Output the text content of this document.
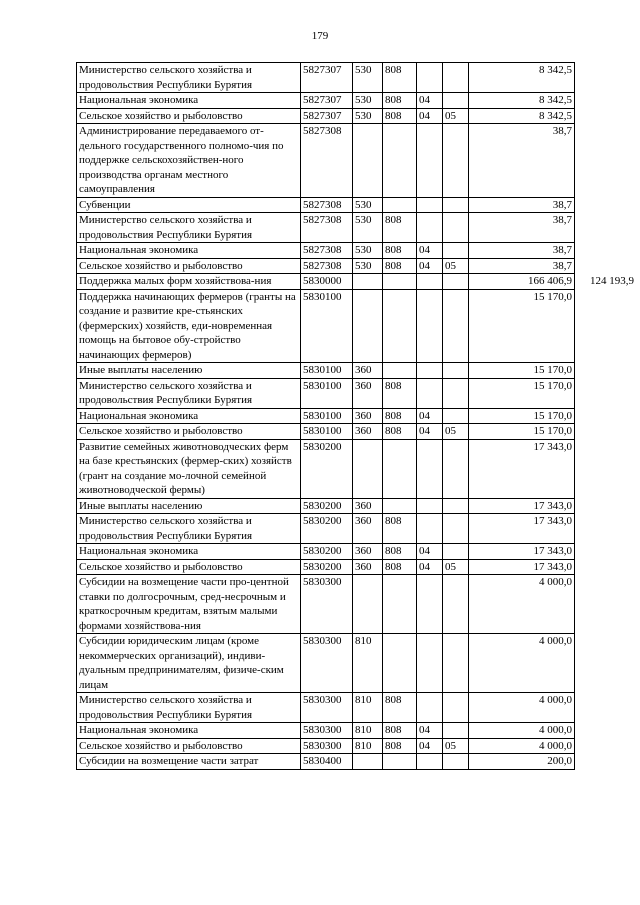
179
Министерство сельского хозяйства и продовольствия Республики Бурятия	5827307	530	808			8 342,5	
Национальная экономика	5827307	530	808	04		8 342,5	
Сельское хозяйство и рыболовство	5827307	530	808	04	05	8 342,5	
Администрирование передаваемого от-дельного государственного полномо-чия по поддержке сельскохозяйствен-ного производства органам местного самоуправления	5827308					38,7	
Субвенции	5827308	530				38,7	
Министерство сельского хозяйства и продовольствия Республики Бурятия	5827308	530	808			38,7	
Национальная экономика	5827308	530	808	04		38,7	
Сельское хозяйство и рыболовство	5827308	530	808	04	05	38,7	
Поддержка малых форм хозяйствова-ния	5830000					166 406,9	124 193,9
Поддержка начинающих фермеров (гранты на создание и развитие кре-стьянских (фермерских) хозяйств, еди-новременная помощь на бытовое обу-стройство начинающих фермеров)	5830100					15 170,0	
Иные выплаты населению	5830100	360				15 170,0	
Министерство сельского хозяйства и продовольствия Республики Бурятия	5830100	360	808			15 170,0	
Национальная экономика	5830100	360	808	04		15 170,0	
Сельское хозяйство и рыболовство	5830100	360	808	04	05	15 170,0	
Развитие семейных животноводческих ферм на базе крестьянских (фермер-ских) хозяйств (грант на создание мо-лочной семейной животноводческой фермы)	5830200					17 343,0	
Иные выплаты населению	5830200	360				17 343,0	
Министерство сельского хозяйства и продовольствия Республики Бурятия	5830200	360	808			17 343,0	
Национальная экономика	5830200	360	808	04		17 343,0	
Сельское хозяйство и рыболовство	5830200	360	808	04	05	17 343,0	
Субсидии на возмещение части про-центной ставки по долгосрочным, сред-несрочным и краткосрочным кредитам, взятым малыми формами хозяйствова-ния	5830300					4 000,0	
Субсидии юридическим лицам (кроме некоммерческих организаций), индиви-дуальным предпринимателям, физиче-ским лицам	5830300	810				4 000,0	
Министерство сельского хозяйства и продовольствия Республики Бурятия	5830300	810	808			4 000,0	
Национальная экономика	5830300	810	808	04		4 000,0	
Сельское хозяйство и рыболовство	5830300	810	808	04	05	4 000,0	
Субсидии на возмещение части затрат	5830400					200,0	
